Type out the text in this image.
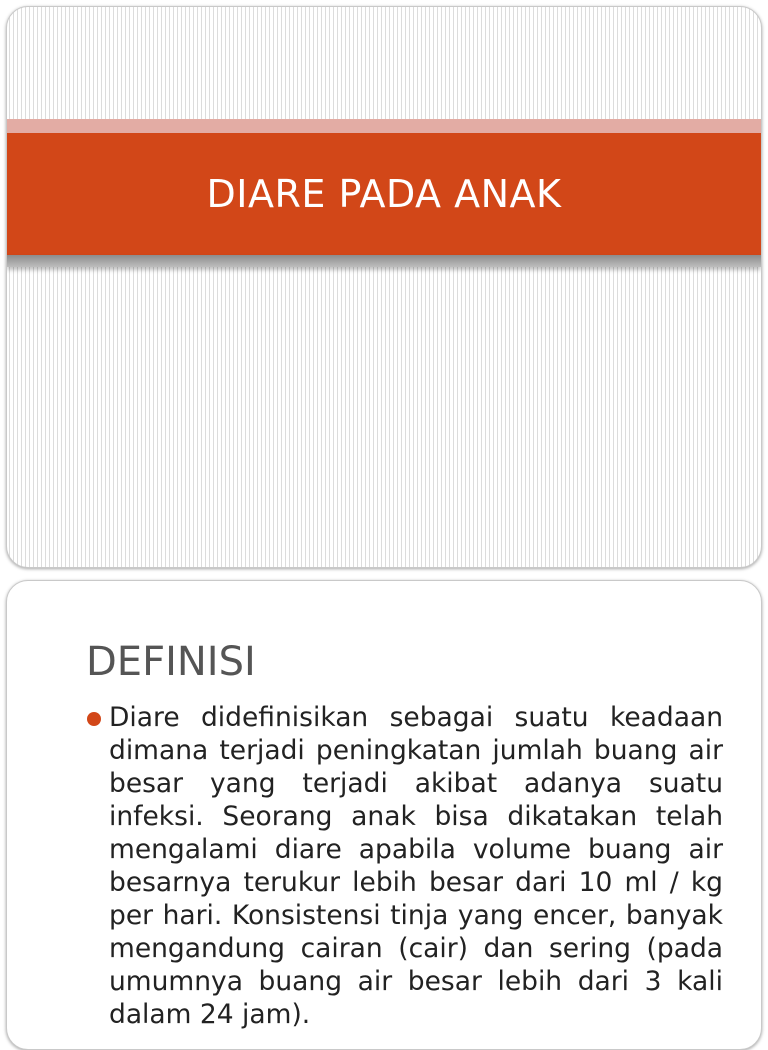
DIARE PADA ANAK
DEFINISI

Diare didefinisikan sebagai suatu keadaan dimana terjadi peningkatan jumlah buang air besar yang terjadi akibat adanya suatu infeksi. Seorang anak bisa dikatakan telah mengalami diare apabila volume buang air besarnya terukur lebih besar dari 10 ml / kg per hari. Konsistensi tinja yang encer, banyak mengandung cairan (cair) dan sering (pada umumnya buang air besar lebih dari 3 kali dalam 24 jam).
